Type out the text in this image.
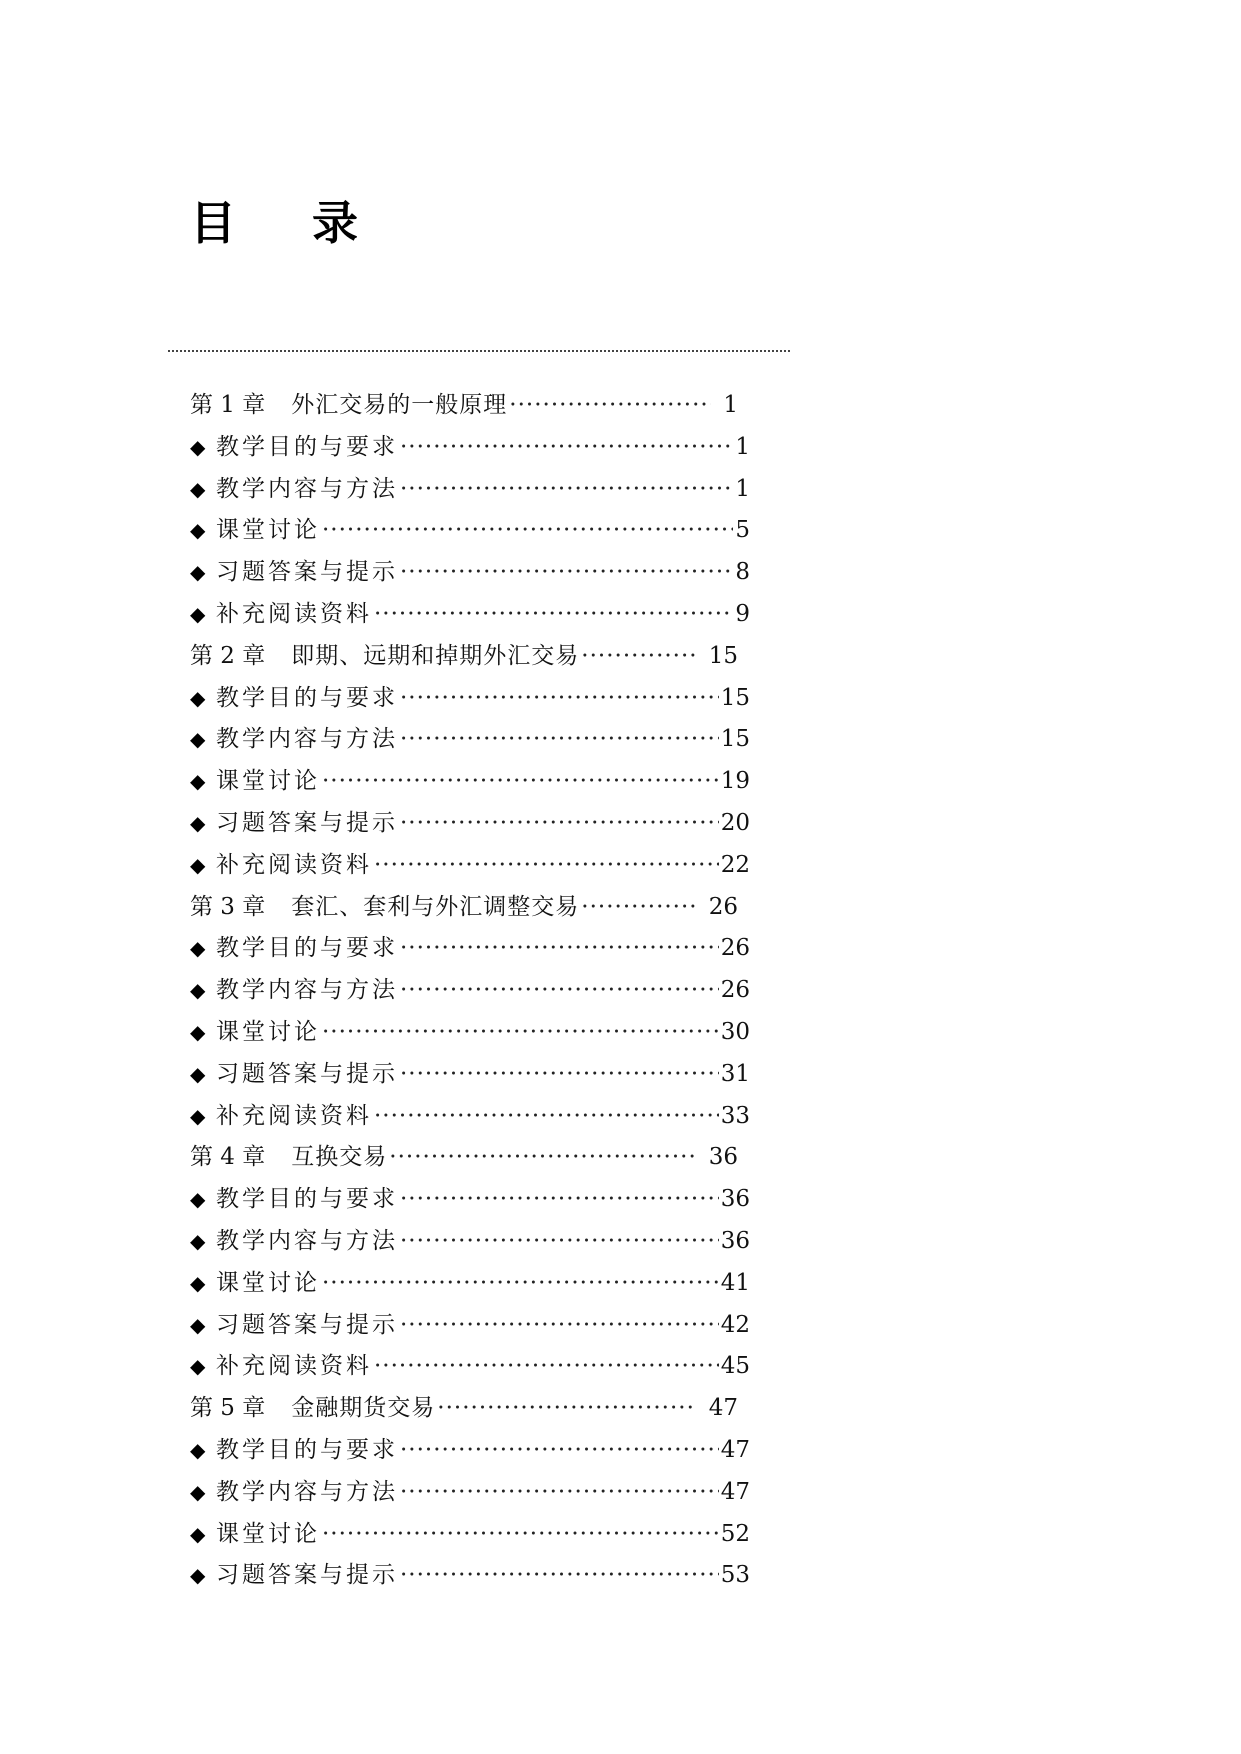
目 录
第 1 章 外汇交易的一般原理 ·····	1
◆ 教学目的与要求 ·····	1
◆ 教学内容与方法 ·····	1
◆ 课堂讨论 ·····	5
◆ 习题答案与提示 ·····	8
◆ 补充阅读资料 ·····	9
第 2 章 即期、远期和掉期外汇交易 ·····	15
◆ 教学目的与要求 ·····	15
◆ 教学内容与方法 ·····	15
◆ 课堂讨论 ·····	19
◆ 习题答案与提示 ·····	20
◆ 补充阅读资料 ·····	22
第 3 章 套汇、套利与外汇调整交易 ·····	26
◆ 教学目的与要求 ·····	26
◆ 教学内容与方法 ·····	26
◆ 课堂讨论 ·····	30
◆ 习题答案与提示 ·····	31
◆ 补充阅读资料 ·····	33
第 4 章 互换交易 ·····	36
◆ 教学目的与要求 ·····	36
◆ 教学内容与方法 ·····	36
◆ 课堂讨论 ·····	41
◆ 习题答案与提示 ·····	42
◆ 补充阅读资料 ·····	45
第 5 章 金融期货交易 ·····	47
◆ 教学目的与要求 ·····	47
◆ 教学内容与方法 ·····	47
◆ 课堂讨论 ·····	52
◆ 习题答案与提示 ·····	53
